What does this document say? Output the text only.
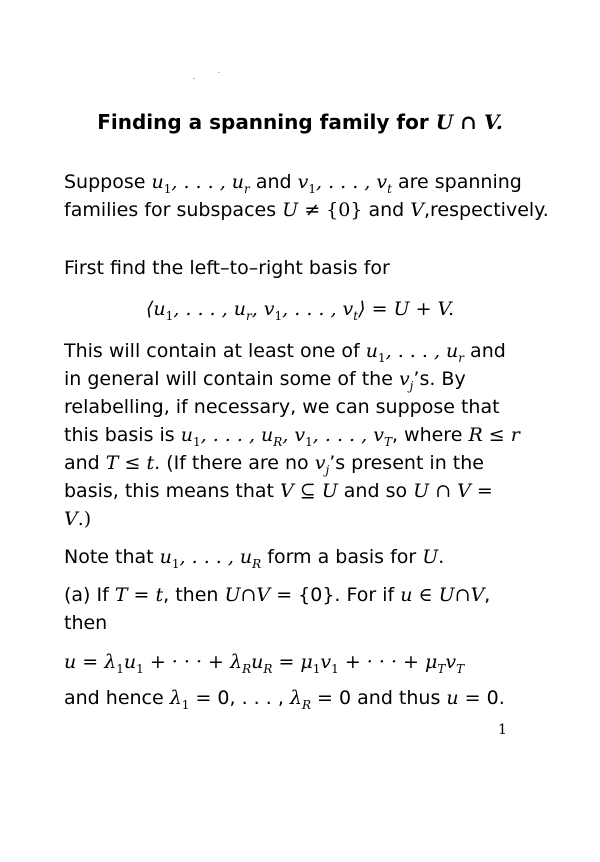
Finding a spanning family for U ∩ V.
Suppose $u_1$, . . . , $u_r$ and $v_1$, . . . , $v_t$ are spanning
families for subspaces U ≠ {0} and V,respectively.
First find the left–to–right basis for
$⟨u_1$, . . . , $u_r$, $v_1$, . . . , $v_t⟩ = U + V$.
This will contain at least one of $u_1$, . . . , $u_r$ and
in general will contain some of the $v_j’s$. By
relabelling, if necessary, we can suppose that
this basis is $u_1$, . . . , $u_R$, $v_1$, . . . , $v_T$, where R ≤ r
and T ≤ t. (If there are no $v_j’s$ present in the
basis, this means that V ⊆ U and so U ∩ V =
V.)
Note that $u_1$, . . . , $u_R$ form a basis for U.
(a) If T = t, then U∩V = {0}. For if u ∈ U∩V,
then
$u = \lambda_1u_1$ + · · · + $\lambda_Ru_R = \mu_1v_1$ + · · · + $\mu_Tv_T$
and hence $\lambda_1 = 0$, . . . , $\lambda_R = 0$ and thus u = 0.
1
